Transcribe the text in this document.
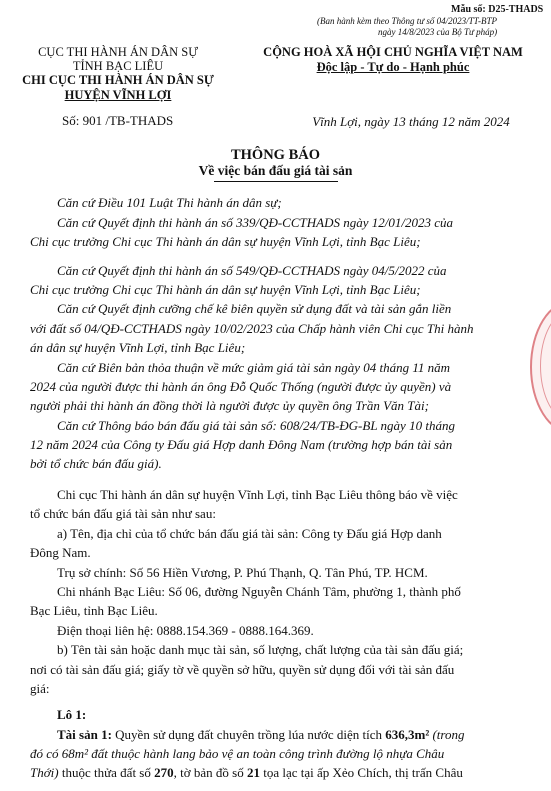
Mẫu số: D25-THADS
(Ban hành kèm theo Thông tư số 04/2023/TT-BTP
ngày 14/8/2023 của Bộ Tư pháp)
CỤC THI HÀNH ÁN DÂN SỰ
TỈNH BẠC LIÊU
CHI CỤC THI HÀNH ÁN DÂN SỰ
HUYỆN VĨNH LỢI
Số: 901 /TB-THADS
CỘNG HOÀ XÃ HỘI CHỦ NGHĨA VIỆT NAM
Độc lập - Tự do - Hạnh phúc
Vĩnh Lợi, ngày 13 tháng 12 năm 2024
THÔNG BÁO
Về việc bán đấu giá tài sản
Căn cứ Điều 101 Luật Thi hành án dân sự;
Căn cứ Quyết định thi hành án số 339/QĐ-CCTHADS ngày 12/01/2023 của
Chi cục trưởng Chi cục Thi hành án dân sự huyện Vĩnh Lợi, tỉnh Bạc Liêu;
Căn cứ Quyết định thi hành án số 549/QĐ-CCTHADS ngày 04/5/2022 của
Chi cục trưởng Chi cục Thi hành án dân sự huyện Vĩnh Lợi, tỉnh Bạc Liêu;
Căn cứ Quyết định cưỡng chế kê biên quyền sử dụng đất và tài sản gắn liền
với đất số 04/QĐ-CCTHADS ngày 10/02/2023 của Chấp hành viên Chi cục Thi hành
án dân sự huyện Vĩnh Lợi, tỉnh Bạc Liêu;
Căn cứ Biên bản thỏa thuận về mức giảm giá tài sản ngày 04 tháng 11 năm
2024 của người được thi hành án ông Đỗ Quốc Thống (người được ủy quyền) và
người phải thi hành án đồng thời là người được ủy quyền ông Trần Văn Tài;
Căn cứ Thông báo bán đấu giá tài sản số: 608/24/TB-ĐG-BL ngày 10 tháng
12 năm 2024 của Công ty Đấu giá Hợp danh Đông Nam (trường hợp bán tài sản
bởi tổ chức bán đấu giá).
Chi cục Thi hành án dân sự huyện Vĩnh Lợi, tỉnh Bạc Liêu thông báo về việc
tổ chức bán đấu giá tài sản như sau:
a) Tên, địa chỉ của tổ chức bán đấu giá tài sản: Công ty Đấu giá Hợp danh
Đông Nam.
Trụ sở chính: Số 56 Hiền Vương, P. Phú Thạnh, Q. Tân Phú, TP. HCM.
Chi nhánh Bạc Liêu: Số 06, đường Nguyễn Chánh Tâm, phường 1, thành phố
Bạc Liêu, tỉnh Bạc Liêu.
Điện thoại liên hệ: 0888.154.369 - 0888.164.369.
b) Tên tài sản hoặc danh mục tài sản, số lượng, chất lượng của tài sản đấu giá;
nơi có tài sản đấu giá; giấy tờ về quyền sở hữu, quyền sử dụng đối với tài sản đấu
giá:
Lô 1:
Tài sản 1: Quyền sử dụng đất chuyên trồng lúa nước diện tích 636,3m² (trong
đó có 68m² đất thuộc hành lang bảo vệ an toàn công trình đường lộ nhựa Châu
Thới) thuộc thửa đất số 270, tờ bản đồ số 21 tọa lạc tại ấp Xẻo Chích, thị trấn Châu
